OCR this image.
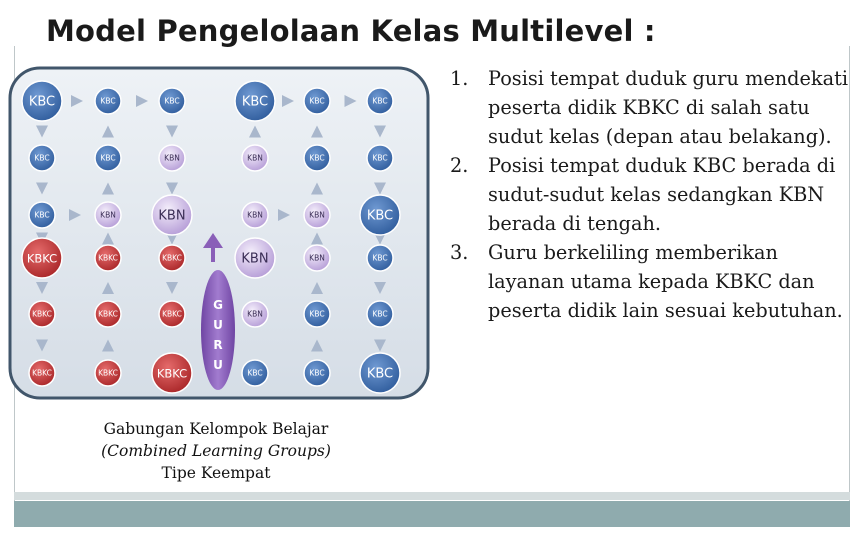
Model Pengelolaan Kelas Multilevel :
G
U
R
U
KBC	KBC	KBC	KBC	KBC	KBC
KBC	KBC	KBN	KBN	KBC	KBC
KBC	KBN	KBN	KBN	KBN	KBC
KBKC	KBKC	KBKC	KBN	KBN	KBC
KBKC	KBKC	KBKC	KBN	KBC	KBC
KBKC	KBKC	KBKC	KBC	KBC	KBC
Gabungan Kelompok Belajar
(Combined Learning Groups)
Tipe Keempat
1. Posisi tempat duduk guru mendekati peserta didik KBKC di salah satu sudut kelas (depan atau belakang).
2. Posisi tempat duduk KBC berada di sudut-sudut kelas sedangkan KBN berada di tengah.
3. Guru berkeliling memberikan layanan utama kepada KBKC dan peserta didik lain sesuai kebutuhan.
